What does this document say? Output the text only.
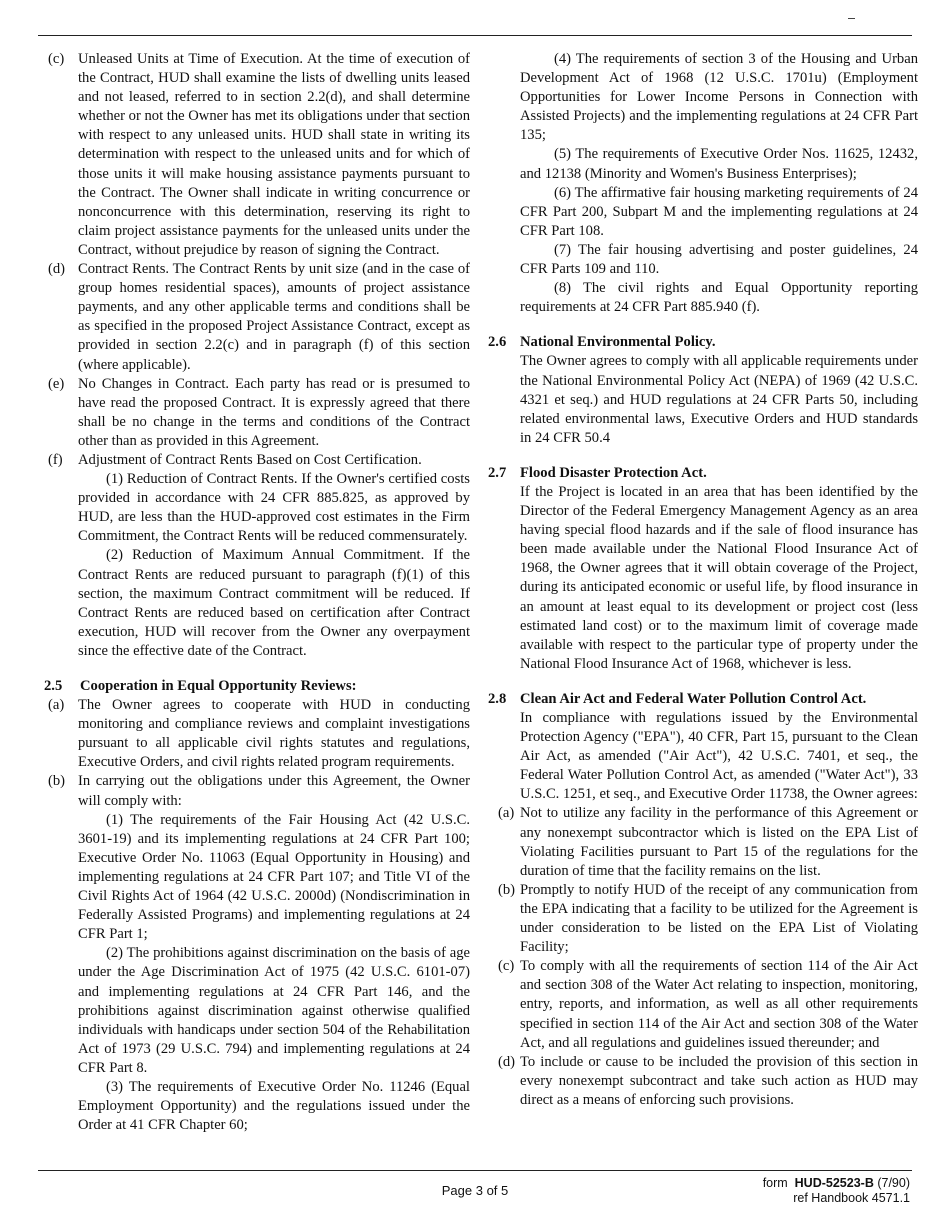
(c) Unleased Units at Time of Execution. At the time of execution of the Contract, HUD shall examine the lists of dwelling units leased and not leased, referred to in section 2.2(d), and shall determine whether or not the Owner has met its obligations under that section with respect to any unleased units. HUD shall state in writing its determination with respect to the unleased units and for which of those units it will make housing assistance payments pursuant to the Contract. The Owner shall indicate in writing concurrence or nonconcurrence with this determination, reserving its right to claim project assistance payments for the unleased units under the Contract, without prejudice by reason of signing the Contract.
(d) Contract Rents. The Contract Rents by unit size (and in the case of group homes residential spaces), amounts of project assistance payments, and any other applicable terms and conditions shall be as specified in the proposed Project Assistance Contract, except as provided in section 2.2(c) and in paragraph (f) of this section (where applicable).
(e) No Changes in Contract. Each party has read or is presumed to have read the proposed Contract. It is expressly agreed that there shall be no change in the terms and conditions of the Contract other than as provided in this Agreement.
(f) Adjustment of Contract Rents Based on Cost Certification.

(1) Reduction of Contract Rents. If the Owner's certified costs provided in accordance with 24 CFR 885.825, as approved by HUD, are less than the HUD-approved cost estimates in the Firm Commitment, the Contract Rents will be reduced commensurately.

(2) Reduction of Maximum Annual Commitment. If the Contract Rents are reduced pursuant to paragraph (f)(1) of this section, the maximum Contract commitment will be reduced. If Contract Rents are reduced based on certification after Contract execution, HUD will recover from the Owner any overpayment since the effective date of the Contract.

2.5 Cooperation in Equal Opportunity Reviews:
(a) The Owner agrees to cooperate with HUD in conducting monitoring and compliance reviews and complaint investigations pursuant to all applicable civil rights statutes and regulations, Executive Orders, and civil rights related program requirements.
(b) In carrying out the obligations under this Agreement, the Owner will comply with:

(1) The requirements of the Fair Housing Act (42 U.S.C. 3601-19) and its implementing regulations at 24 CFR Part 100; Executive Order No. 11063 (Equal Opportunity in Housing) and implementing regulations at 24 CFR Part 107; and Title VI of the Civil Rights Act of 1964 (42 U.S.C. 2000d) (Nondiscrimination in Federally Assisted Programs) and implementing regulations at 24 CFR Part 1;

(2) The prohibitions against discrimination on the basis of age under the Age Discrimination Act of 1975 (42 U.S.C. 6101-07) and implementing regulations at 24 CFR Part 146, and the prohibitions against discrimination against otherwise qualified individuals with handicaps under section 504 of the Rehabilitation Act of 1973 (29 U.S.C. 794) and implementing regulations at 24 CFR Part 8.

(3) The requirements of Executive Order No. 11246 (Equal Employment Opportunity) and the regulations issued under the Order at 41 CFR Chapter 60;

(4) The requirements of section 3 of the Housing and Urban Development Act of 1968 (12 U.S.C. 1701u) (Employment Opportunities for Lower Income Persons in Connection with Assisted Projects) and the implementing regulations at 24 CFR Part 135;

(5) The requirements of Executive Order Nos. 11625, 12432, and 12138 (Minority and Women's Business Enterprises);

(6) The affirmative fair housing marketing requirements of 24 CFR Part 200, Subpart M and the implementing regulations at 24 CFR Part 108.

(7) The fair housing advertising and poster guidelines, 24 CFR Parts 109 and 110.

(8) The civil rights and Equal Opportunity reporting requirements at 24 CFR Part 885.940 (f).

2.6 National Environmental Policy.

The Owner agrees to comply with all applicable requirements under the National Environmental Policy Act (NEPA) of 1969 (42 U.S.C. 4321 et seq.) and HUD regulations at 24 CFR Parts 50, including related environmental laws, Executive Orders and HUD standards in 24 CFR 50.4

2.7 Flood Disaster Protection Act.

If the Project is located in an area that has been identified by the Director of the Federal Emergency Management Agency as an area having special flood hazards and if the sale of flood insurance has been made available under the National Flood Insurance Act of 1968, the Owner agrees that it will obtain coverage of the Project, during its anticipated economic or useful life, by flood insurance in an amount at least equal to its development or project cost (less estimated land cost) or to the maximum limit of coverage made available with respect to the particular type of property under the National Flood Insurance Act of 1968, whichever is less.

2.8 Clean Air Act and Federal Water Pollution Control Act.

In compliance with regulations issued by the Environmental Protection Agency ("EPA"), 40 CFR, Part 15, pursuant to the Clean Air Act, as amended ("Air Act"), 42 U.S.C. 7401, et seq., the Federal Water Pollution Control Act, as amended ("Water Act"), 33 U.S.C. 1251, et seq., and Executive Order 11738, the Owner agrees:

(a) Not to utilize any facility in the performance of this Agreement or any nonexempt subcontractor which is listed on the EPA List of Violating Facilities pursuant to Part 15 of the regulations for the duration of time that the facility remains on the list.
(b) Promptly to notify HUD of the receipt of any communication from the EPA indicating that a facility to be utilized for the Agreement is under consideration to be listed on the EPA List of Violating Facility;
(c) To comply with all the requirements of section 114 of the Air Act and section 308 of the Water Act relating to inspection, monitoring, entry, reports, and information, as well as all other requirements specified in section 114 of the Air Act and section 308 of the Water Act, and all regulations and guidelines issued thereunder; and
(d) To include or cause to be included the provision of this section in every nonexempt subcontract and take such action as HUD may direct as a means of enforcing such provisions.
Page 3 of 5	form HUD-52523-B (7/90)
ref Handbook 4571.1
